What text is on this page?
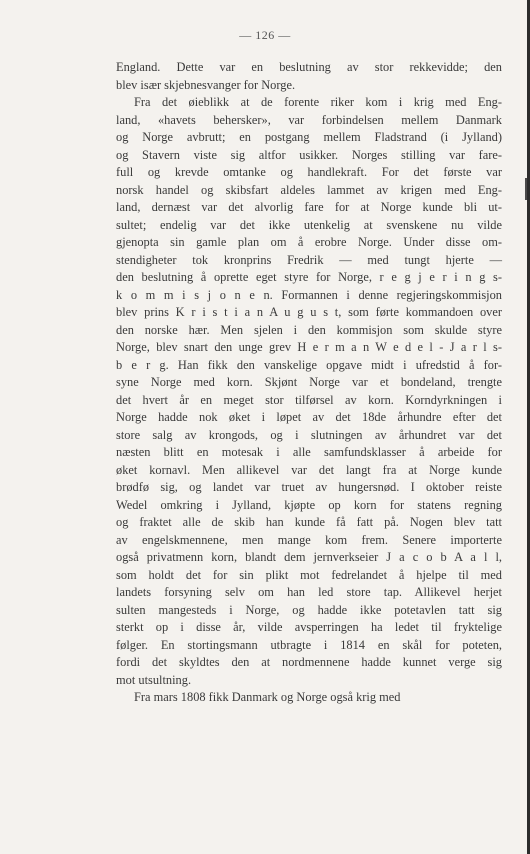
— 126 —
England. Dette var en beslutning av stor rekkevidde; den
blev især skjebnesvanger for Norge.
Fra det øieblikk at de forente riker kom i krig med Eng-
land, «havets behersker», var forbindelsen mellem Danmark
og Norge avbrutt; en postgang mellem Fladstrand (i Jylland)
og Stavern viste sig altfor usikker. Norges stilling var fare-
full og krevde omtanke og handlekraft. For det første var
norsk handel og skibsfart aldeles lammet av krigen med Eng-
land, dernæst var det alvorlig fare for at Norge kunde bli ut-
sultet; endelig var det ikke utenkelig at svenskene nu vilde
gjenopta sin gamle plan om å erobre Norge. Under disse om-
stendigheter tok kronprins Fredrik — med tungt hjerte —
den beslutning å oprette eget styre for Norge, r e g j e r i n g s-
k o m m i s j o n e n. Formannen i denne regjeringskommisjon
blev prins K r i s t i a n A u g u s t, som førte kommandoen over
den norske hær. Men sjelen i den kommisjon som skulde styre
Norge, blev snart den unge grev H e r m a n W e d e l - J a r l s-
b e r g. Han fikk den vanskelige opgave midt i ufredstid å for-
syne Norge med korn. Skjønt Norge var et bondeland, trengte
det hvert år en meget stor tilførsel av korn. Korndyrkningen i
Norge hadde nok øket i løpet av det 18de århundre efter det
store salg av krongods, og i slutningen av århundret var det
næsten blitt en motesak i alle samfundsklasser å arbeide for
øket kornavl. Men allikevel var det langt fra at Norge kunde
brødfø sig, og landet var truet av hungersnød. I oktober reiste
Wedel omkring i Jylland, kjøpte op korn for statens regning
og fraktet alle de skib han kunde få fatt på. Nogen blev tatt
av engelskmennene, men mange kom frem. Senere importerte
også privatmenn korn, blandt dem jernverkseier J a c o b A a l l,
som holdt det for sin plikt mot fedrelandet å hjelpe til med
landets forsyning selv om han led store tap. Allikevel herjet
sulten mangesteds i Norge, og hadde ikke potetavlen tatt sig
sterkt op i disse år, vilde avsperringen ha ledet til fryktelige
følger. En stortingsmann utbragte i 1814 en skål for poteten,
fordi det skyldtes den at nordmennene hadde kunnet verge sig
mot utsultning.
Fra mars 1808 fikk Danmark og Norge også krig med
